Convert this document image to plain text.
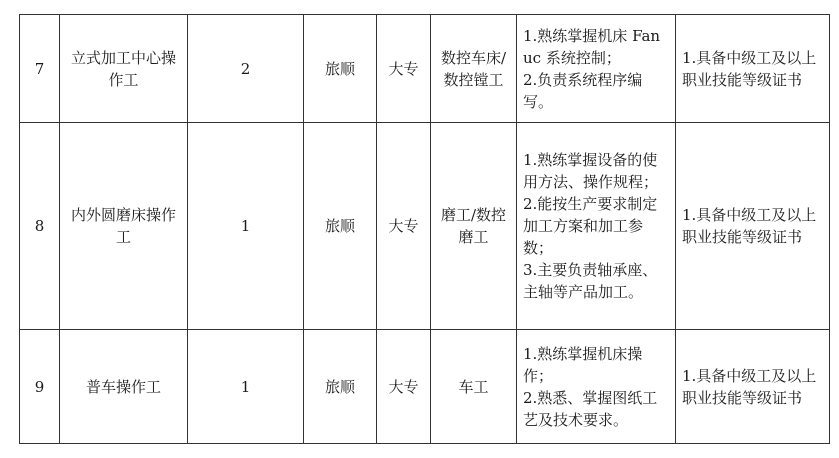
7	立式加工中心操作工	2	旅顺	大专	数控车床/数控镗工	1.熟练掌握机床 Fanuc 系统控制；
2.负责系统程序编写。	1.具备中级工及以上职业技能等级证书
8	内外圆磨床操作工	1	旅顺	大专	磨工/数控磨工	1.熟练掌握设备的使用方法、操作规程；
2.能按生产要求制定加工方案和加工参数；
3.主要负责轴承座、主轴等产品加工。	1.具备中级工及以上职业技能等级证书
9	普车操作工	1	旅顺	大专	车工	1.熟练掌握机床操作；
2.熟悉、掌握图纸工艺及技术要求。	1.具备中级工及以上职业技能等级证书
